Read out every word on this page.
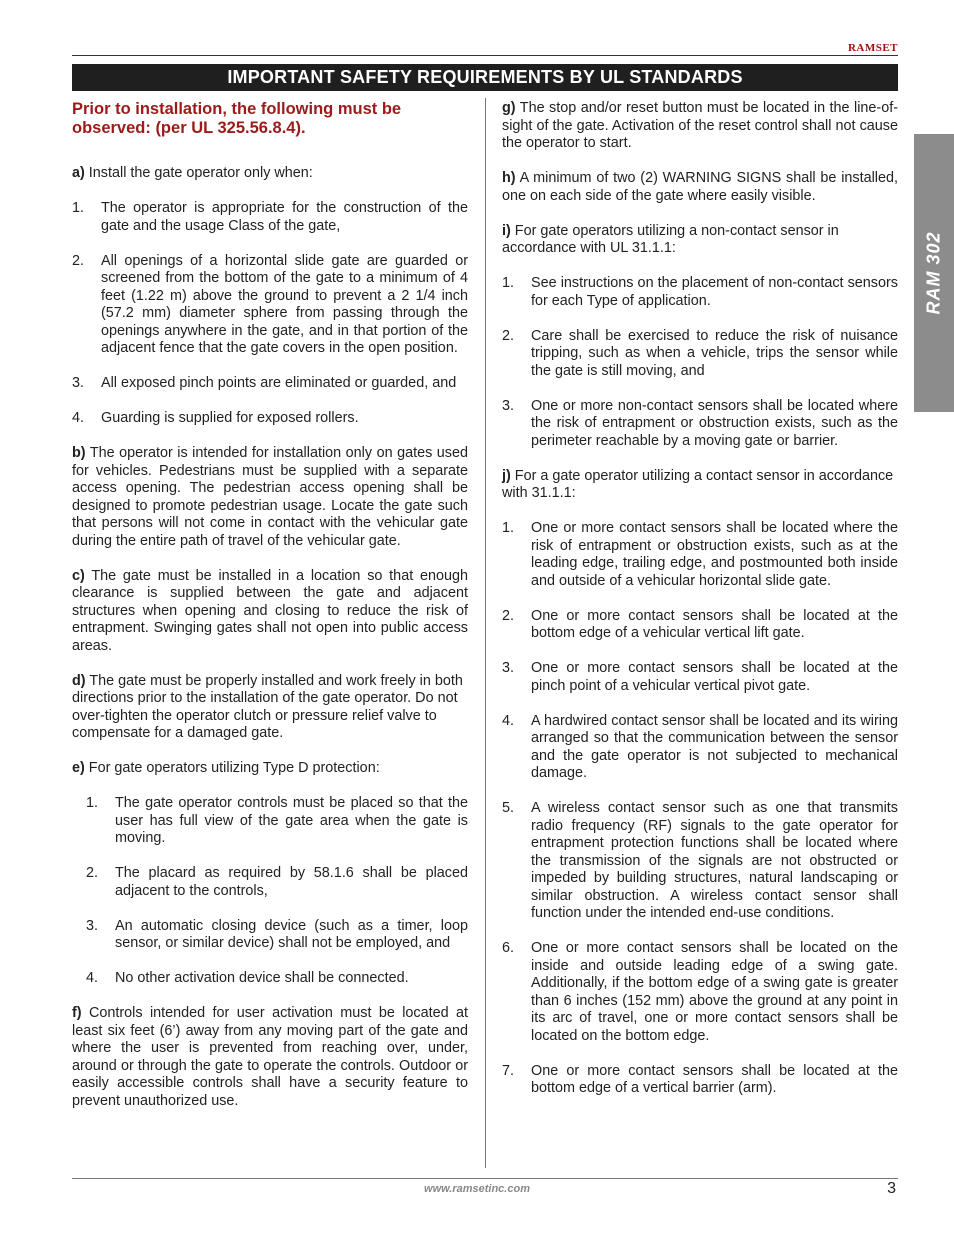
RAMSET
IMPORTANT SAFETY REQUIREMENTS BY UL STANDARDS
RAM 302
Prior to installation, the following must be observed: (per UL 325.56.8.4).

a) Install the gate operator only when:

1. The operator is appropriate for the construction of the gate and the usage Class of the gate,
2. All openings of a horizontal slide gate are guarded or screened from the bottom of the gate to a minimum of 4 feet (1.22 m) above the ground to prevent a 2 1/4 inch (57.2 mm) diameter sphere from passing through the openings anywhere in the gate, and in that portion of the adjacent fence that the gate covers in the open position.
3. All exposed pinch points are eliminated or guarded, and
4. Guarding is supplied for exposed rollers.

b) The operator is intended for installation only on gates used for vehicles. Pedestrians must be supplied with a separate access opening. The pedestrian access opening shall be designed to promote pedestrian usage. Locate the gate such that persons will not come in contact with the vehicular gate during the entire path of travel of the vehicular gate.

c) The gate must be installed in a location so that enough clearance is supplied between the gate and adjacent structures when opening and closing to reduce the risk of entrapment. Swinging gates shall not open into public access areas.

d) The gate must be properly installed and work freely in both directions prior to the installation of the gate operator. Do not over-tighten the operator clutch or pressure relief valve to compensate for a damaged gate.

e) For gate operators utilizing Type D protection:

1. The gate operator controls must be placed so that the user has full view of the gate area when the gate is moving.
2. The placard as required by 58.1.6 shall be placed adjacent to the controls,
3. An automatic closing device (such as a timer, loop sensor, or similar device) shall not be employed, and
4. No other activation device shall be connected.

f) Controls intended for user activation must be located at least six feet (6’) away from any moving part of the gate and where the user is prevented from reaching over, under, around or through the gate to operate the controls. Outdoor or easily accessible controls shall have a security feature to prevent unauthorized use.

g) The stop and/or reset button must be located in the line-of-sight of the gate. Activation of the reset control shall not cause the operator to start.

h) A minimum of two (2) WARNING SIGNS shall be installed, one on each side of the gate where easily visible.

i) For gate operators utilizing a non-contact sensor in accordance with UL 31.1.1:

1. See instructions on the placement of non-contact sensors for each Type of application.
2. Care shall be exercised to reduce the risk of nuisance tripping, such as when a vehicle, trips the sensor while the gate is still moving, and
3. One or more non-contact sensors shall be located where the risk of entrapment or obstruction exists, such as the perimeter reachable by a moving gate or barrier.

j) For a gate operator utilizing a contact sensor in accordance with 31.1.1:

1. One or more contact sensors shall be located where the risk of entrapment or obstruction exists, such as at the leading edge, trailing edge, and postmounted both inside and outside of a vehicular horizontal slide gate.
2. One or more contact sensors shall be located at the bottom edge of a vehicular vertical lift gate.
3. One or more contact sensors shall be located at the pinch point of a vehicular vertical pivot gate.
4. A hardwired contact sensor shall be located and its wiring arranged so that the communication between the sensor and the gate operator is not subjected to mechanical damage.
5. A wireless contact sensor such as one that transmits radio frequency (RF) signals to the gate operator for entrapment protection functions shall be located where the transmission of the signals are not obstructed or impeded by building structures, natural landscaping or similar obstruction. A wireless contact sensor shall function under the intended end-use conditions.
6. One or more contact sensors shall be located on the inside and outside leading edge of a swing gate. Additionally, if the bottom edge of a swing gate is greater than 6 inches (152 mm) above the ground at any point in its arc of travel, one or more contact sensors shall be located on the bottom edge.
7. One or more contact sensors shall be located at the bottom edge of a vertical barrier (arm).
www.ramsetinc.com	3
